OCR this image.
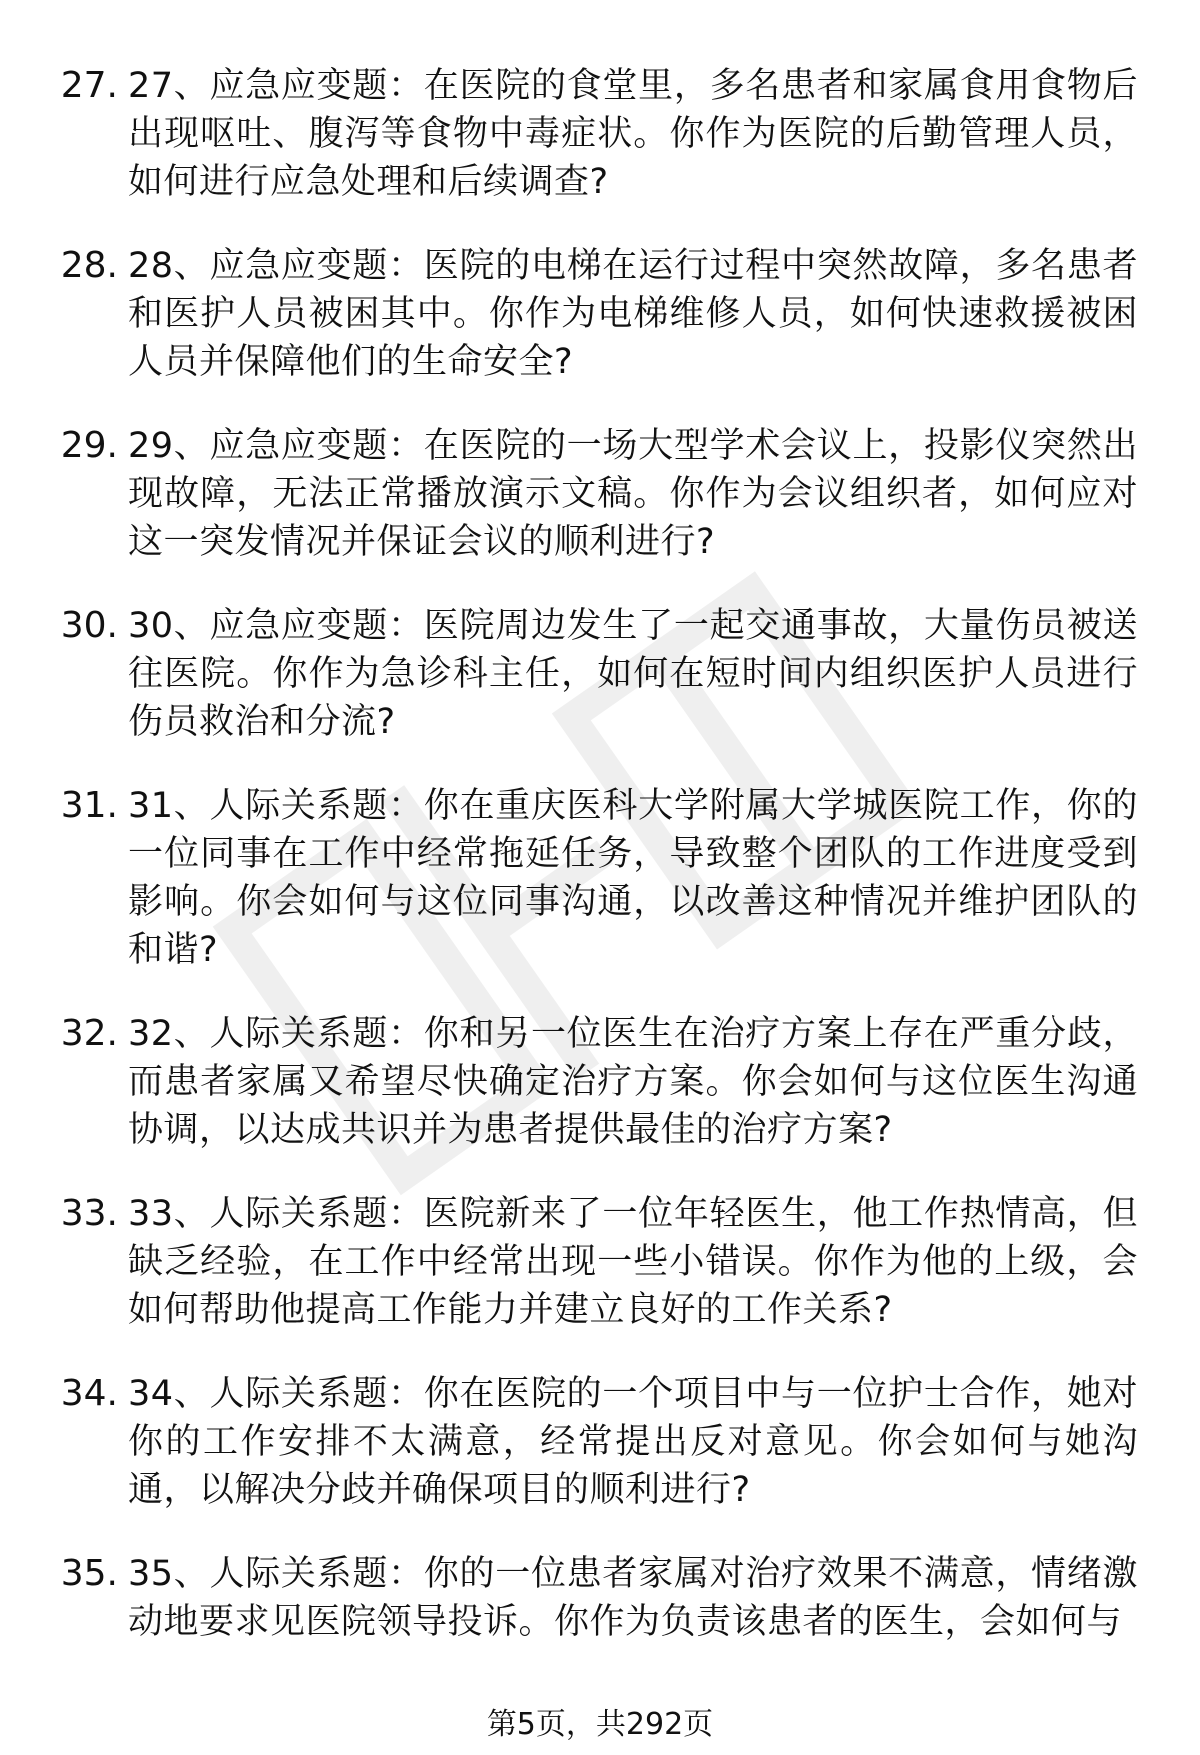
27. 27、应急应变题：在医院的食堂里，多名患者和家属食用食物后出现呕吐、腹泻等食物中毒症状。你作为医院的后勤管理人员，如何进行应急处理和后续调查?
28. 28、应急应变题：医院的电梯在运行过程中突然故障，多名患者和医护人员被困其中。你作为电梯维修人员，如何快速救援被困人员并保障他们的生命安全?
29. 29、应急应变题：在医院的一场大型学术会议上，投影仪突然出现故障，无法正常播放演示文稿。你作为会议组织者，如何应对这一突发情况并保证会议的顺利进行?
30. 30、应急应变题：医院周边发生了一起交通事故，大量伤员被送往医院。你作为急诊科主任，如何在短时间内组织医护人员进行伤员救治和分流?
31. 31、人际关系题：你在重庆医科大学附属大学城医院工作，你的一位同事在工作中经常拖延任务，导致整个团队的工作进度受到影响。你会如何与这位同事沟通，以改善这种情况并维护团队的和谐?
32. 32、人际关系题：你和另一位医生在治疗方案上存在严重分歧，而患者家属又希望尽快确定治疗方案。你会如何与这位医生沟通协调，以达成共识并为患者提供最佳的治疗方案?
33. 33、人际关系题：医院新来了一位年轻医生，他工作热情高，但缺乏经验，在工作中经常出现一些小错误。你作为他的上级，会如何帮助他提高工作能力并建立良好的工作关系?
34. 34、人际关系题：你在医院的一个项目中与一位护士合作，她对你的工作安排不太满意，经常提出反对意见。你会如何与她沟通，以解决分歧并确保项目的顺利进行?
35. 35、人际关系题：你的一位患者家属对治疗效果不满意，情绪激动地要求见医院领导投诉。你作为负责该患者的医生，会如何与
第5页，共292页
